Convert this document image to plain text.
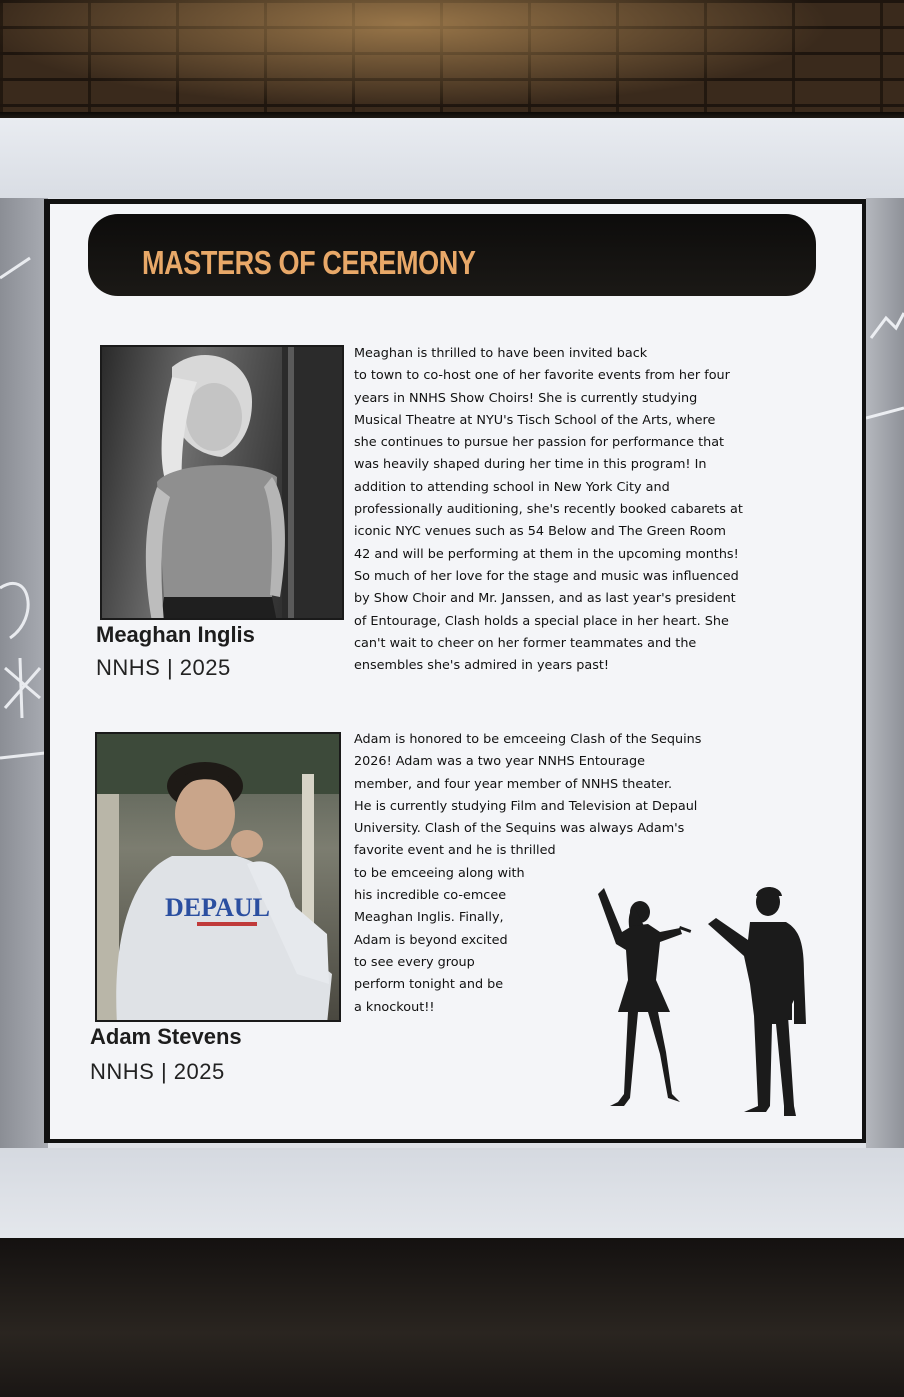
MASTERS OF CEREMONY
Meaghan Inglis
NNHS | 2025
Meaghan is thrilled to have been invited back
to town to co-host one of her favorite events from her four
years in NNHS Show Choirs! She is currently studying
Musical Theatre at NYU's Tisch School of the Arts, where
she continues to pursue her passion for performance that
was heavily shaped during her time in this program! In
addition to attending school in New York City and
professionally auditioning, she's recently booked cabarets at
iconic NYC venues such as 54 Below and The Green Room
42 and will be performing at them in the upcoming months!
So much of her love for the stage and music was influenced
by Show Choir and Mr. Janssen, and as last year's president
of Entourage, Clash holds a special place in her heart. She
can't wait to cheer on her former teammates and the
ensembles she's admired in years past!
DEPAUL
Adam Stevens
NNHS | 2025
Adam is honored to be emceeing Clash of the Sequins
2026! Adam was a two year NNHS Entourage
member, and four year member of NNHS theater.
He is currently studying Film and Television at Depaul
University. Clash of the Sequins was always Adam's
favorite event and he is thrilled
to be emceeing along with
his incredible co-emcee
Meaghan Inglis. Finally,
Adam is beyond excited
to see every group
perform tonight and be
a knockout!!
